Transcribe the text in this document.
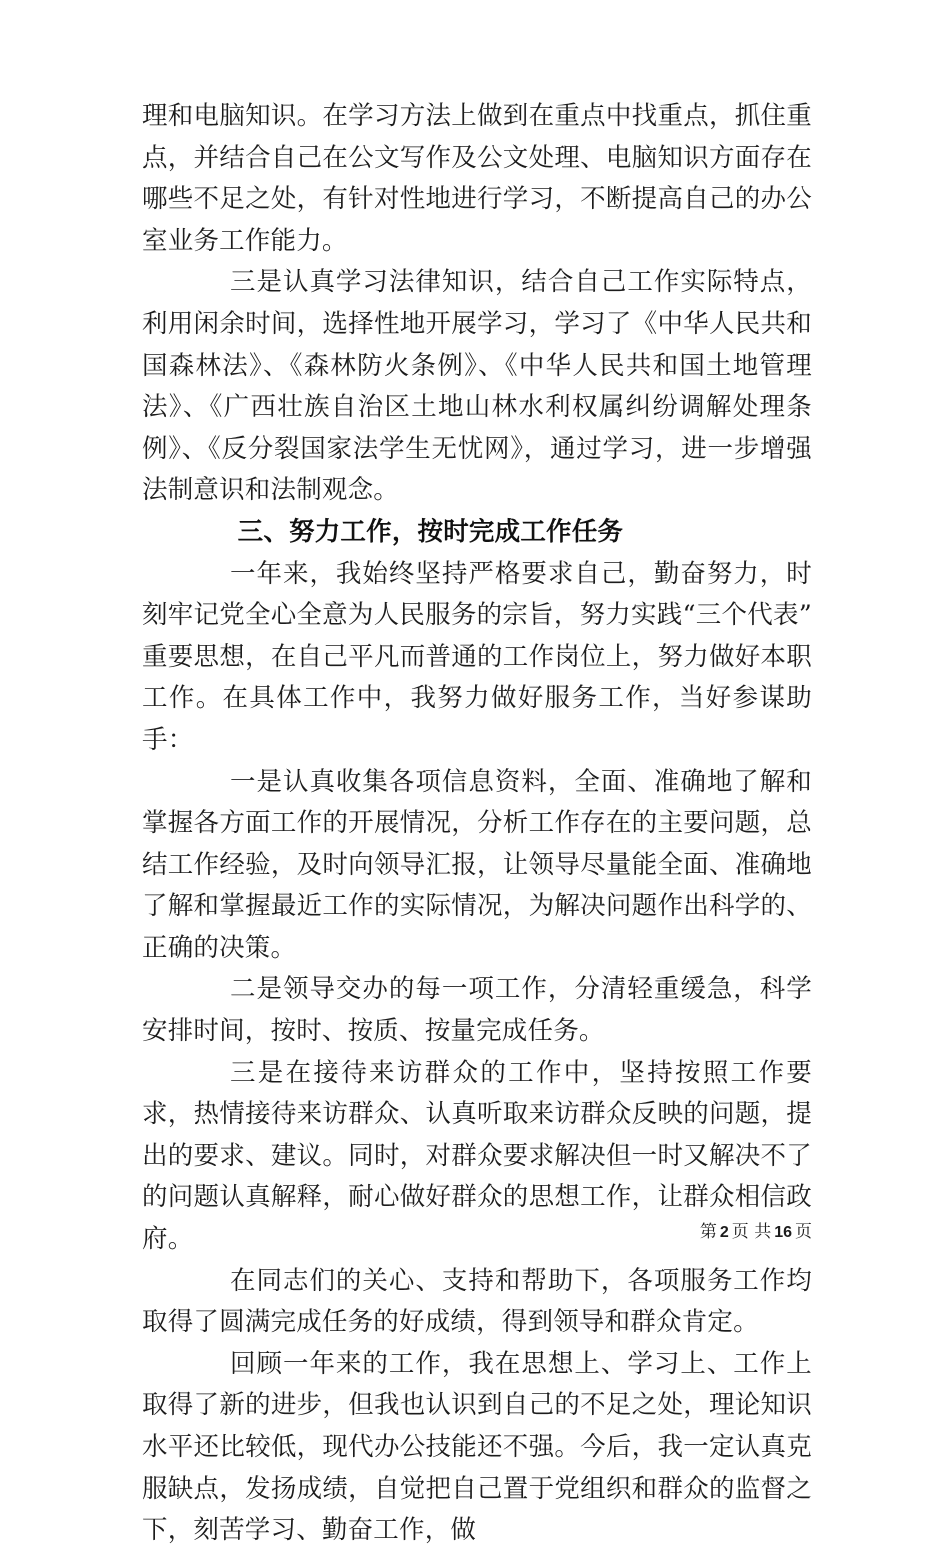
理和电脑知识。在学习方法上做到在重点中找重点，抓住重点，并结合自己在公文写作及公文处理、电脑知识方面存在哪些不足之处，有针对性地进行学习，不断提高自己的办公室业务工作能力。

三是认真学习法律知识，结合自己工作实际特点，利用闲余时间，选择性地开展学习，学习了《中华人民共和国森林法》、《森林防火条例》、《中华人民共和国土地管理法》、《广西壮族自治区土地山林水利权属纠纷调解处理条例》、《反分裂国家法学生无忧网》，通过学习，进一步增强法制意识和法制观念。

三、努力工作，按时完成工作任务

一年来，我始终坚持严格要求自己，勤奋努力，时刻牢记党全心全意为人民服务的宗旨，努力实践“三个代表”重要思想，在自己平凡而普通的工作岗位上，努力做好本职工作。在具体工作中，我努力做好服务工作，当好参谋助手：

一是认真收集各项信息资料，全面、准确地了解和掌握各方面工作的开展情况，分析工作存在的主要问题，总结工作经验，及时向领导汇报，让领导尽量能全面、准确地了解和掌握最近工作的实际情况，为解决问题作出科学的、正确的决策。

二是领导交办的每一项工作，分清轻重缓急，科学安排时间，按时、按质、按量完成任务。

三是在接待来访群众的工作中，坚持按照工作要求，热情接待来访群众、认真听取来访群众反映的问题，提出的要求、建议。同时，对群众要求解决但一时又解决不了的问题认真解释，耐心做好群众的思想工作，让群众相信政府。

在同志们的关心、支持和帮助下，各项服务工作均取得了圆满完成任务的好成绩，得到领导和群众肯定。

回顾一年来的工作，我在思想上、学习上、工作上取得了新的进步，但我也认识到自己的不足之处，理论知识水平还比较低，现代办公技能还不强。今后，我一定认真克服缺点，发扬成绩，自觉把自己置于党组织和群众的监督之下，刻苦学习、勤奋工作，做

第 2 页 共 16 页
